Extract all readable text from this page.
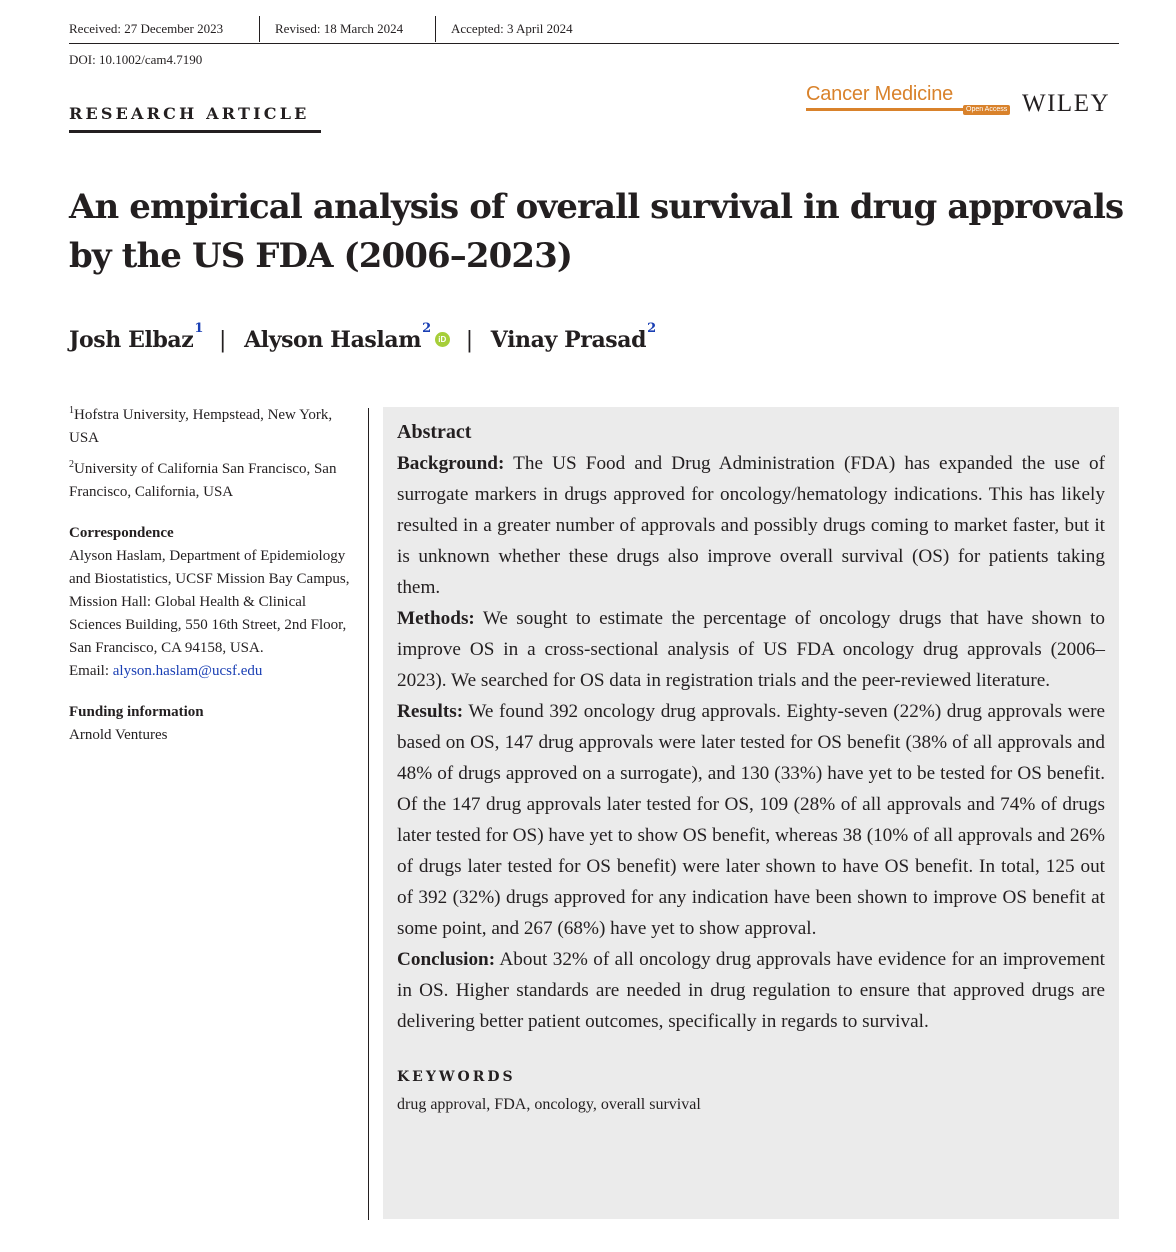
Received: 27 December 2023	Revised: 18 March 2024	Accepted: 3 April 2024
DOI: 10.1002/cam4.7190
RESEARCH ARTICLE
Cancer Medicine
Open Access WILEY
An empirical analysis of overall survival in drug approvals by the US FDA (2006–2023)
Josh Elbaz$^1$ | Alyson Haslam$^2$iD | Vinay Prasad$^2$
$^1$Hofstra University, Hempstead, New York, USA
$^2$University of California San Francisco, San Francisco, California, USA
Correspondence
Alyson Haslam, Department of Epidemiology and Biostatistics, UCSF Mission Bay Campus, Mission Hall: Global Health & Clinical Sciences Building, 550 16th Street, 2nd Floor, San Francisco, CA 94158, USA.
Email: alyson.haslam@ucsf.edu
Funding information
Arnold Ventures
Abstract

Background: The US Food and Drug Administration (FDA) has expanded the use of surrogate markers in drugs approved for oncology/hematology indications. This has likely resulted in a greater number of approvals and possibly drugs coming to market faster, but it is unknown whether these drugs also improve overall survival (OS) for patients taking them.

Methods: We sought to estimate the percentage of oncology drugs that have shown to improve OS in a cross-sectional analysis of US FDA oncology drug approvals (2006–2023). We searched for OS data in registration trials and the peer-reviewed literature.

Results: We found 392 oncology drug approvals. Eighty-seven (22%) drug approvals were based on OS, 147 drug approvals were later tested for OS benefit (38% of all approvals and 48% of drugs approved on a surrogate), and 130 (33%) have yet to be tested for OS benefit. Of the 147 drug approvals later tested for OS, 109 (28% of all approvals and 74% of drugs later tested for OS) have yet to show OS benefit, whereas 38 (10% of all approvals and 26% of drugs later tested for OS benefit) were later shown to have OS benefit. In total, 125 out of 392 (32%) drugs approved for any indication have been shown to improve OS benefit at some point, and 267 (68%) have yet to show approval.

Conclusion: About 32% of all oncology drug approvals have evidence for an improvement in OS. Higher standards are needed in drug regulation to ensure that approved drugs are delivering better patient outcomes, specifically in regards to survival.

KEYWORDS
drug approval, FDA, oncology, overall survival
